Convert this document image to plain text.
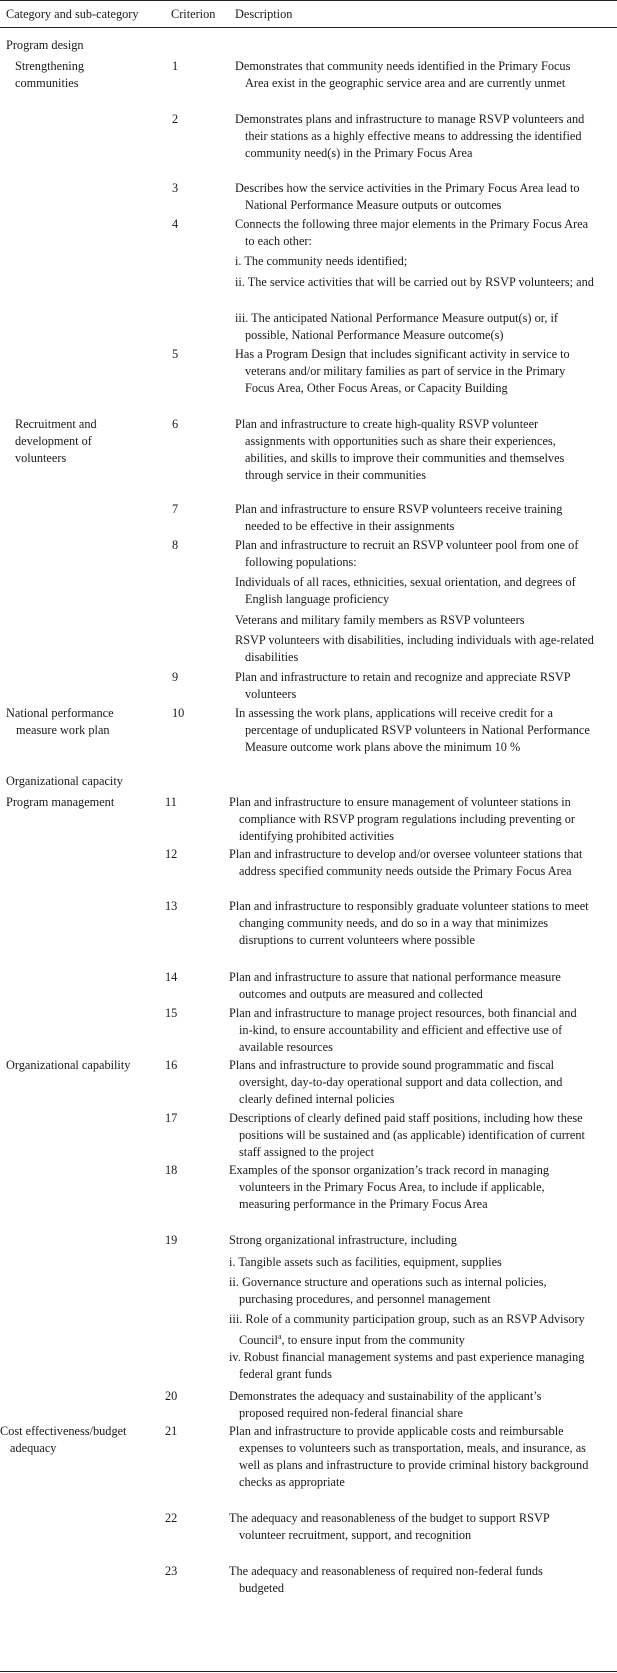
Category and sub-category	Criterion Description
Program design
Organizational capacity
Strengthening communities
Recruitment and development of volunteers
National performance measure work plan
Program management
Organizational capability
Cost effectiveness/budget adequacy
1
2
3
4
5
6
7
8
9
10
11
12
13
14
15
16
17
18
19
20
21
22
23
Demonstrates that community needs identified in the Primary Focus Area exist in the geographic service area and are currently unmet
Demonstrates plans and infrastructure to manage RSVP volunteers and their stations as a highly effective means to addressing the identified community need(s) in the Primary Focus Area
Describes how the service activities in the Primary Focus Area lead to National Performance Measure outputs or outcomes
Connects the following three major elements in the Primary Focus Area to each other:
i. The community needs identified;
ii. The service activities that will be carried out by RSVP volunteers; and
iii. The anticipated National Performance Measure output(s) or, if possible, National Performance Measure outcome(s)
Has a Program Design that includes significant activity in service to veterans and/or military families as part of service in the Primary Focus Area, Other Focus Areas, or Capacity Building
Plan and infrastructure to create high-quality RSVP volunteer assignments with opportunities such as share their experiences, abilities, and skills to improve their communities and themselves through service in their communities
Plan and infrastructure to ensure RSVP volunteers receive training needed to be effective in their assignments
Plan and infrastructure to recruit an RSVP volunteer pool from one of following populations:
Individuals of all races, ethnicities, sexual orientation, and degrees of English language proficiency
Veterans and military family members as RSVP volunteers
RSVP volunteers with disabilities, including individuals with age-related disabilities
Plan and infrastructure to retain and recognize and appreciate RSVP volunteers
In assessing the work plans, applications will receive credit for a percentage of unduplicated RSVP volunteers in National Performance Measure outcome work plans above the minimum 10 %
Plan and infrastructure to ensure management of volunteer stations in compliance with RSVP program regulations including preventing or identifying prohibited activities
Plan and infrastructure to develop and/or oversee volunteer stations that address specified community needs outside the Primary Focus Area
Plan and infrastructure to responsibly graduate volunteer stations to meet changing community needs, and do so in a way that minimizes disruptions to current volunteers where possible
Plan and infrastructure to assure that national performance measure outcomes and outputs are measured and collected
Plan and infrastructure to manage project resources, both financial and in-kind, to ensure accountability and efficient and effective use of available resources
Plans and infrastructure to provide sound programmatic and fiscal oversight, day-to-day operational support and data collection, and clearly defined internal policies
Descriptions of clearly defined paid staff positions, including how these positions will be sustained and (as applicable) identification of current staff assigned to the project
Examples of the sponsor organization’s track record in managing volunteers in the Primary Focus Area, to include if applicable, measuring performance in the Primary Focus Area
Strong organizational infrastructure, including
i. Tangible assets such as facilities, equipment, supplies
ii. Governance structure and operations such as internal policies, purchasing procedures, and personnel management
iii. Role of a community participation group, such as an RSVP Advisory Council$^a$, to ensure input from the community
iv. Robust financial management systems and past experience managing federal grant funds
Demonstrates the adequacy and sustainability of the applicant’s proposed required non-federal financial share
Plan and infrastructure to provide applicable costs and reimbursable expenses to volunteers such as transportation, meals, and insurance, as well as plans and infrastructure to provide criminal history background checks as appropriate
The adequacy and reasonableness of the budget to support RSVP volunteer recruitment, support, and recognition
The adequacy and reasonableness of required non-federal funds budgeted
